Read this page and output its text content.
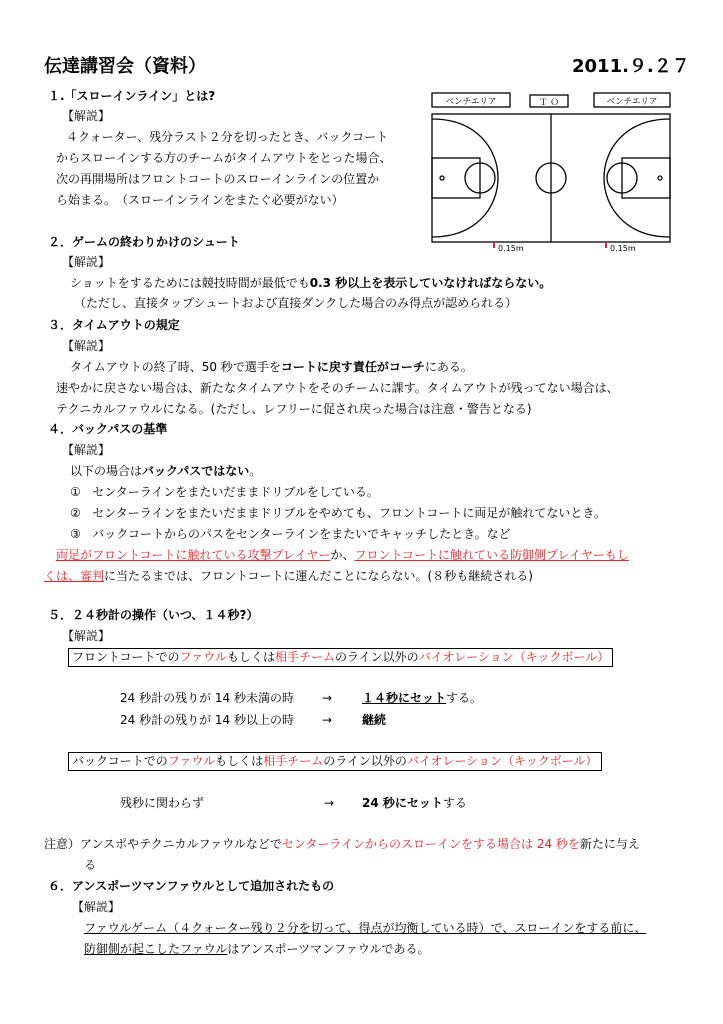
伝達講習会（資料）	2011.９.２７
ベンチエリア	Ｔ Ｏ	ベンチエリア
0.15m	0.15m
１.「スローインライン」とは?
【解説】
４クォーター、残分ラスト２分を切ったとき、バックコート
からスローインする方のチームがタイムアウトをとった場合、
次の再開場所はフロントコートのスローインラインの位置か
ら始まる。　（スローインラインをまたぐ必要がない）
２．ゲームの終わりかけのシュート
【解説】
ショットをするためには競技時間が最低でも0.3 秒以上を表示していなければならない。
（ただし、直接タップシュートおよび直接ダンクした場合のみ得点が認められる）
３．タイムアウトの規定
【解説】
タイムアウトの終了時、50 秒で選手をコートに戻す責任がコーチにある。
速やかに戻さない場合は、新たなタイムアウトをそのチームに課す。タイムアウトが残ってない場合は、
テクニカルファウルになる。(ただし、レフリーに促され戻った場合は注意・警告となる)
４．バックパスの基準
【解説】
以下の場合はバックパスではない。
① センターラインをまたいだままドリブルをしている。
② センターラインをまたいだままドリブルをやめても、フロントコートに両足が触れてないとき。
③ バックコートからのパスをセンターラインをまたいでキャッチしたとき。など
両足がフロントコートに触れている攻撃プレイヤーか、フロントコートに触れている防御側プレイヤーもし
くは、審判に当たるまでは、フロントコートに運んだことにならない。(８秒も継続される)
５．２４秒計の操作（いつ、１４秒?）
【解説】
フロントコートでのファウルもしくは相手チームのライン以外のバイオレーション（キックボール）
24 秒計の残りが 14 秒未満の時 → １４秒にセットする。
24 秒計の残りが 14 秒以上の時 → 継続
バックコートでのファウルもしくは相手チームのライン以外のバイオレーション（キックボール）
残秒に関わらず	→ 24 秒にセットする
注意）アンスポやテクニカルファウルなどでセンターラインからのスローインをする場合は 24 秒を新たに与え
る
６．アンスポーツマンファウルとして追加されたもの
【解説】
ファウルゲーム（４クォーター残り２分を切って、得点が均衡している時）で、スローインをする前に、
防御側が起こしたファウルはアンスポーツマンファウルである。
